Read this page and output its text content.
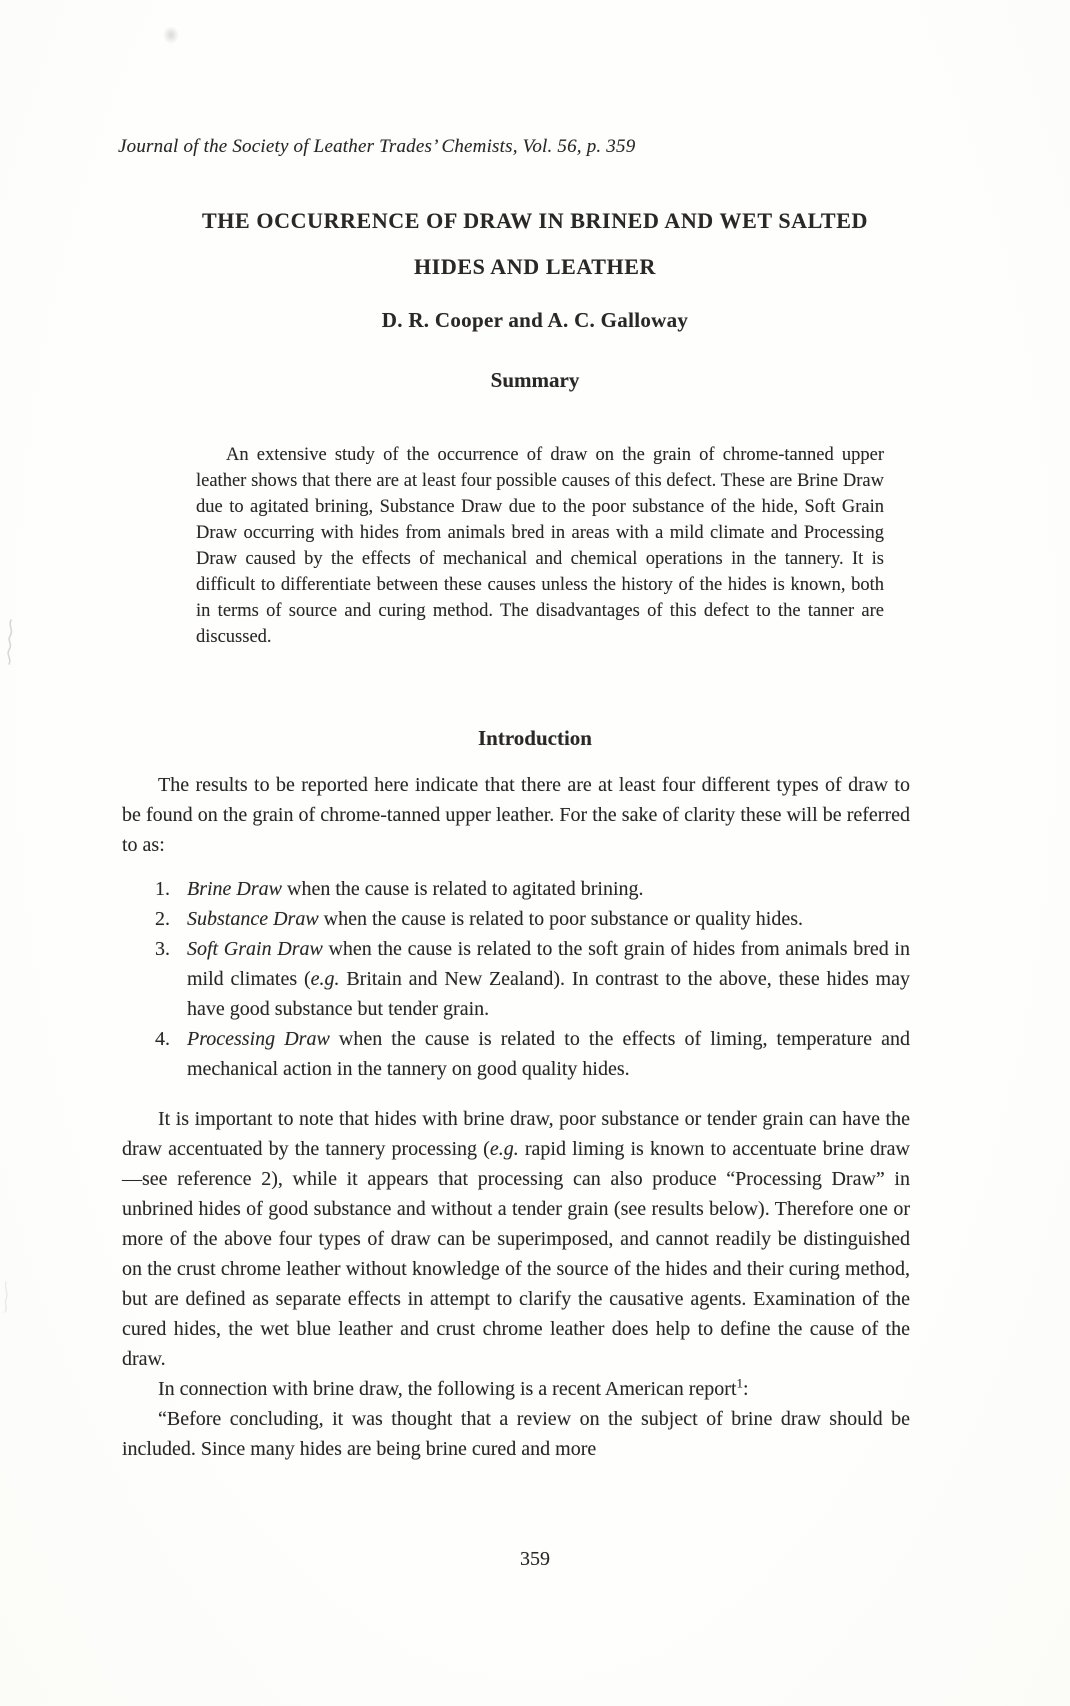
Journal of the Society of Leather Trades’ Chemists, Vol. 56, p. 359
THE OCCURRENCE OF DRAW IN BRINED AND WET SALTED
HIDES AND LEATHER
D. R. Cooper and A. C. Galloway
Summary
An extensive study of the occurrence of draw on the grain of chrome-tanned upper leather shows that there are at least four possible causes of this defect. These are Brine Draw due to agitated brining, Substance Draw due to the poor substance of the hide, Soft Grain Draw occurring with hides from animals bred in areas with a mild climate and Processing Draw caused by the effects of mechanical and chemical operations in the tannery. It is difficult to differentiate between these causes unless the history of the hides is known, both in terms of source and curing method. The disadvantages of this defect to the tanner are discussed.
Introduction

The results to be reported here indicate that there are at least four different types of draw to be found on the grain of chrome-tanned upper leather. For the sake of clarity these will be referred to as:

1. Brine Draw when the cause is related to agitated brining.
2. Substance Draw when the cause is related to poor substance or quality hides.
3. Soft Grain Draw when the cause is related to the soft grain of hides from animals bred in mild climates (e.g. Britain and New Zealand). In contrast to the above, these hides may have good substance but tender grain.
4. Processing Draw when the cause is related to the effects of liming, temperature and mechanical action in the tannery on good quality hides.

It is important to note that hides with brine draw, poor substance or tender grain can have the draw accentuated by the tannery processing (e.g. rapid liming is known to accentuate brine draw—see reference 2), while it appears that processing can also produce “Processing Draw” in unbrined hides of good substance and without a tender grain (see results below). Therefore one or more of the above four types of draw can be superimposed, and cannot readily be distinguished on the crust chrome leather without knowledge of the source of the hides and their curing method, but are defined as separate effects in attempt to clarify the causative agents. Examination of the cured hides, the wet blue leather and crust chrome leather does help to define the cause of the draw.

In connection with brine draw, the following is a recent American report$^1$:

“Before concluding, it was thought that a review on the subject of brine draw should be included. Since many hides are being brine cured and more

359
